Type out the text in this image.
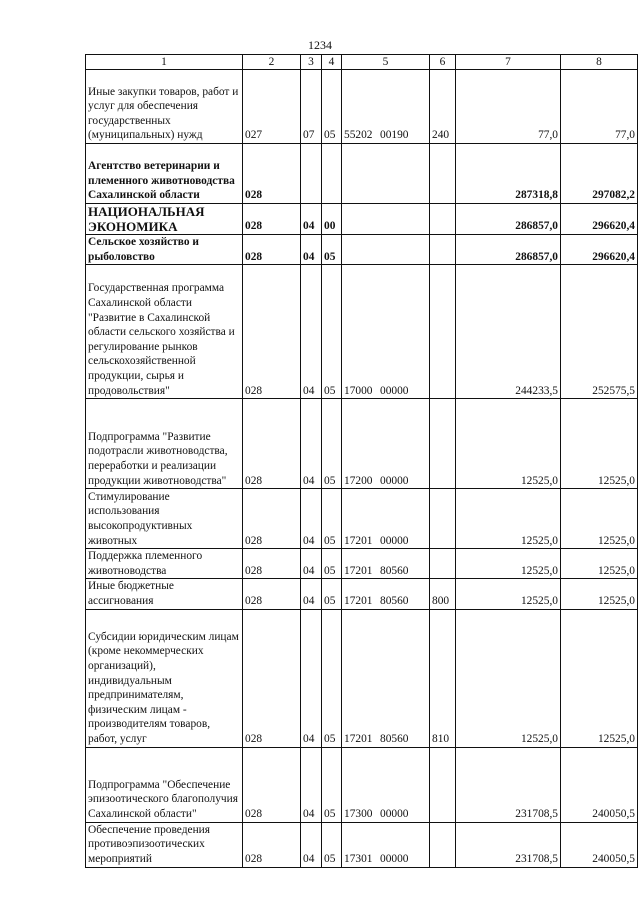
1234
1	2	3	4	5	6	7	8
Иные закупки товаров, работ и услуг для обеспечения государственных (муниципальных) нужд	027	07	05	55202 00190	240	77,0	77,0
Агентство ветеринарии и племенного животноводства Сахалинской области	028					287318,8	297082,2
НАЦИОНАЛЬНАЯ ЭКОНОМИКА	028	04	00			286857,0	296620,4
Сельское хозяйство и рыболовство	028	04	05			286857,0	296620,4
Государственная программа Сахалинской области "Развитие в Сахалинской области сельского хозяйства и регулирование рынков сельскохозяйственной продукции, сырья и продовольствия"	028	04	05	17000 00000		244233,5	252575,5
Подпрограмма "Развитие подотрасли животноводства, переработки и реализации продукции животноводства"	028	04	05	17200 00000		12525,0	12525,0
Стимулирование использования высокопродуктивных животных	028	04	05	17201 00000		12525,0	12525,0
Поддержка племенного животноводства	028	04	05	17201 80560		12525,0	12525,0
Иные бюджетные ассигнования	028	04	05	17201 80560	800	12525,0	12525,0
Субсидии юридическим лицам (кроме некоммерческих организаций), индивидуальным предпринимателям, физическим лицам - производителям товаров, работ, услуг	028	04	05	17201 80560	810	12525,0	12525,0
Подпрограмма "Обеспечение эпизоотического благополучия Сахалинской области"	028	04	05	17300 00000		231708,5	240050,5
Обеспечение проведения противоэпизоотических мероприятий	028	04	05	17301 00000		231708,5	240050,5
